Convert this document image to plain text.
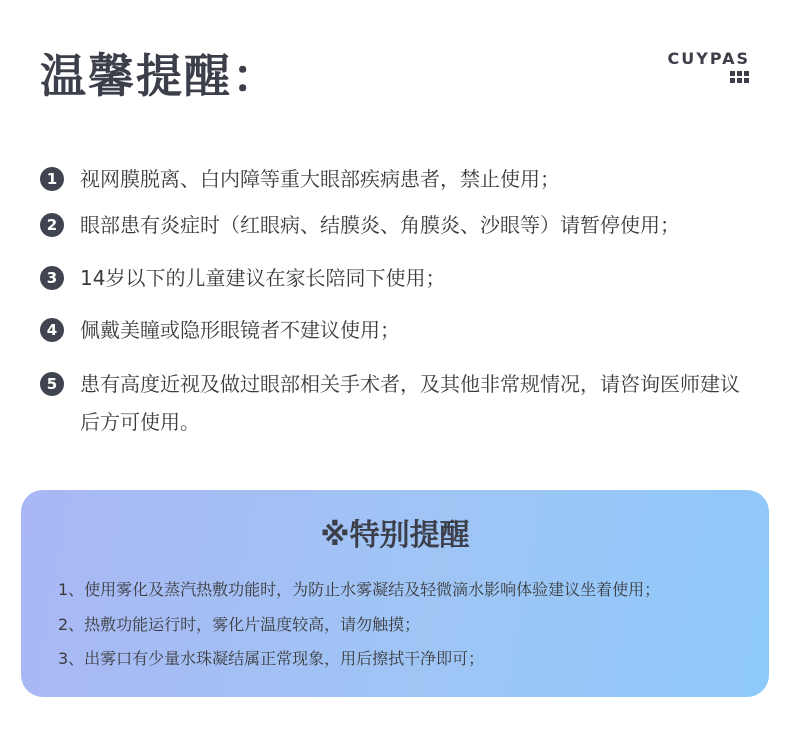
温馨提醒：	CUYPAS
1	视网膜脱离、白内障等重大眼部疾病患者，禁止使用；

2	眼部患有炎症时（红眼病、结膜炎、角膜炎、沙眼等）请暂停使用；

3	14岁以下的儿童建议在家长陪同下使用；

4	佩戴美瞳或隐形眼镜者不建议使用；

5	患有高度近视及做过眼部相关手术者，及其他非常规情况，请咨询医师建议后方可使用。

※特别提醒
1、使用雾化及蒸汽热敷功能时，为防止水雾凝结及轻微滴水影响体验建议坐着使用；
2、热敷功能运行时，雾化片温度较高，请勿触摸；
3、出雾口有少量水珠凝结属正常现象，用后擦拭干净即可；
